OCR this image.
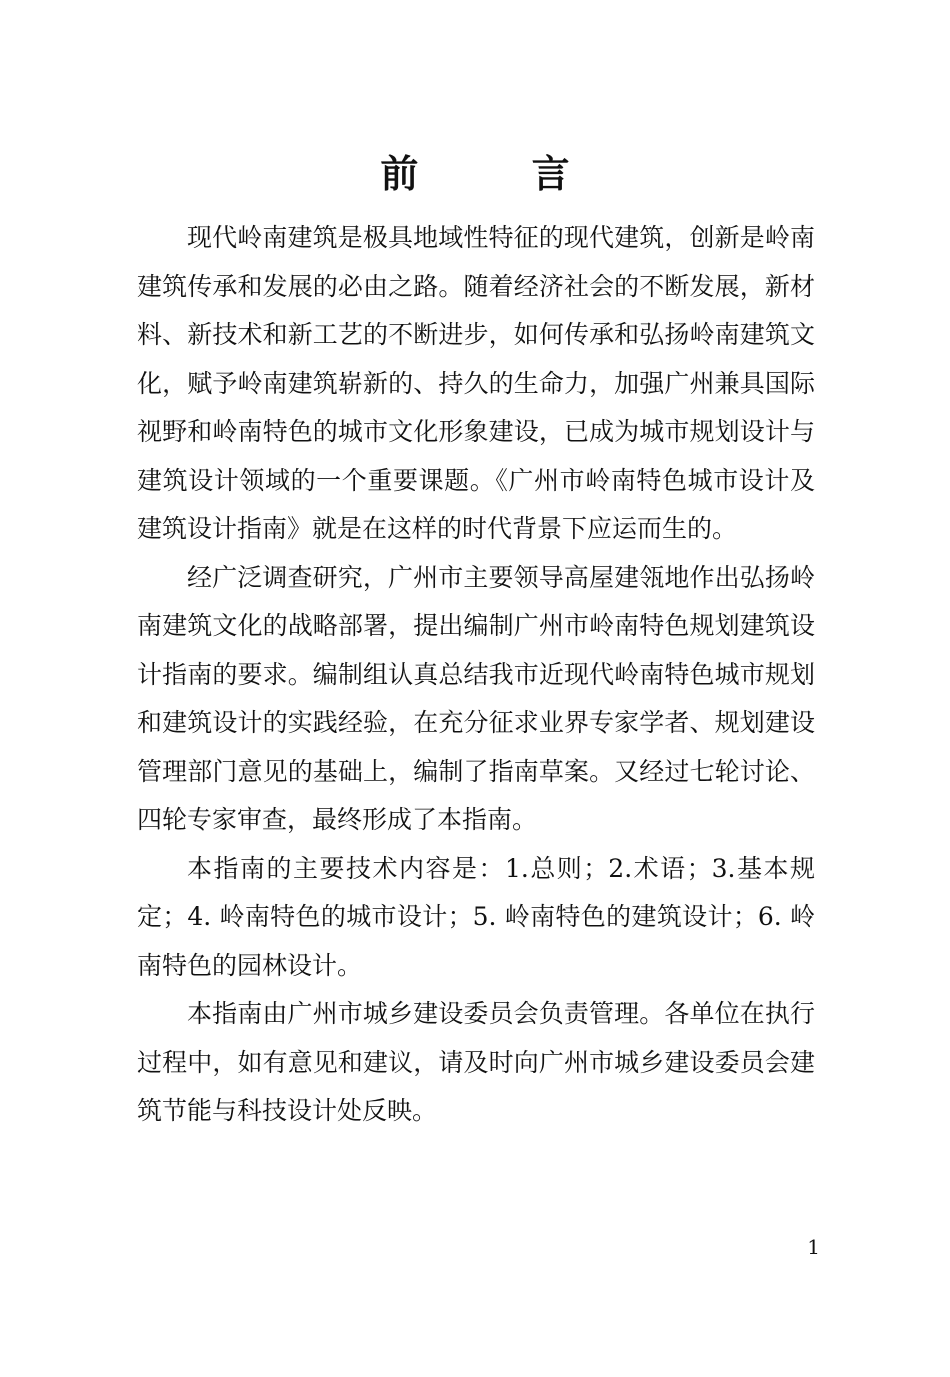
前 言

现代岭南建筑是极具地域性特征的现代建筑，创新是岭南建筑传承和发展的必由之路。随着经济社会的不断发展，新材料、新技术和新工艺的不断进步，如何传承和弘扬岭南建筑文化，赋予岭南建筑崭新的、持久的生命力，加强广州兼具国际视野和岭南特色的城市文化形象建设，已成为城市规划设计与建筑设计领域的一个重要课题。《广州市岭南特色城市设计及建筑设计指南》就是在这样的时代背景下应运而生的。

经广泛调查研究，广州市主要领导高屋建瓴地作出弘扬岭南建筑文化的战略部署，提出编制广州市岭南特色规划建筑设计指南的要求。编制组认真总结我市近现代岭南特色城市规划和建筑设计的实践经验，在充分征求业界专家学者、规划建设管理部门意见的基础上，编制了指南草案。又经过七轮讨论、四轮专家审查，最终形成了本指南。

本指南的主要技术内容是：1.总则；2.术语；3.基本规定；4. 岭南特色的城市设计；5. 岭南特色的建筑设计；6. 岭南特色的园林设计。

本指南由广州市城乡建设委员会负责管理。各单位在执行过程中，如有意见和建议，请及时向广州市城乡建设委员会建筑节能与科技设计处反映。

1
